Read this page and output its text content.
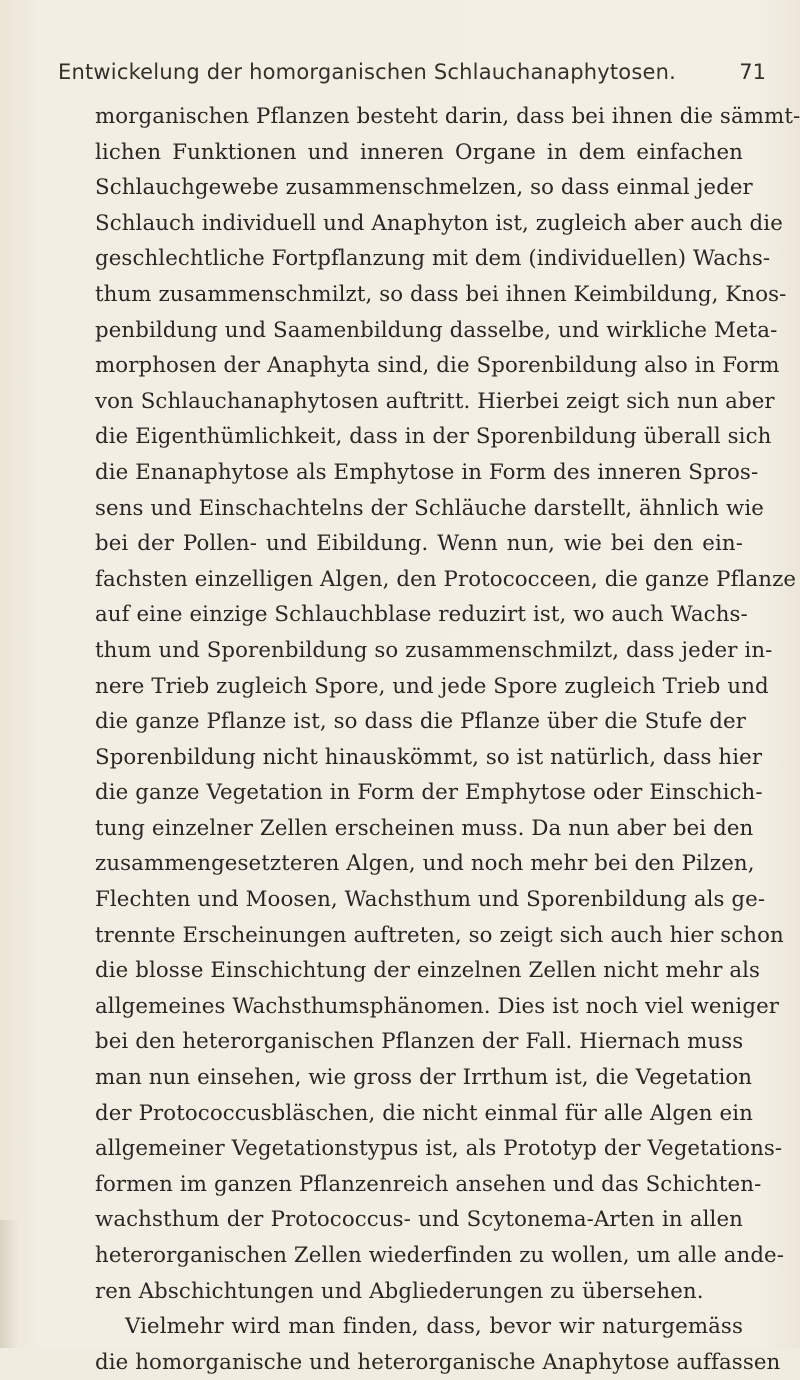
Entwickelung der homorganischen Schlauchanaphytosen.	71
morganischen Pflanzen besteht darin, dass bei ihnen die sämmt-
lichen Funktionen und inneren Organe in dem einfachen
Schlauchgewebe zusammenschmelzen, so dass einmal jeder
Schlauch individuell und Anaphyton ist, zugleich aber auch die
geschlechtliche Fortpflanzung mit dem (individuellen) Wachs-
thum zusammenschmilzt, so dass bei ihnen Keimbildung, Knos-
penbildung und Saamenbildung dasselbe, und wirkliche Meta-
morphosen der Anaphyta sind, die Sporenbildung also in Form
von Schlauchanaphytosen auftritt. Hierbei zeigt sich nun aber
die Eigenthümlichkeit, dass in der Sporenbildung überall sich
die Enanaphytose als Emphytose in Form des inneren Spros-
sens und Einschachtelns der Schläuche darstellt, ähnlich wie
bei der Pollen- und Eibildung. Wenn nun, wie bei den ein-
fachsten einzelligen Algen, den Protococceen, die ganze Pflanze
auf eine einzige Schlauchblase reduzirt ist, wo auch Wachs-
thum und Sporenbildung so zusammenschmilzt, dass jeder in-
nere Trieb zugleich Spore, und jede Spore zugleich Trieb und
die ganze Pflanze ist, so dass die Pflanze über die Stufe der
Sporenbildung nicht hinauskömmt, so ist natürlich, dass hier
die ganze Vegetation in Form der Emphytose oder Einschich-
tung einzelner Zellen erscheinen muss. Da nun aber bei den
zusammengesetzteren Algen, und noch mehr bei den Pilzen,
Flechten und Moosen, Wachsthum und Sporenbildung als ge-
trennte Erscheinungen auftreten, so zeigt sich auch hier schon
die blosse Einschichtung der einzelnen Zellen nicht mehr als
allgemeines Wachsthumsphänomen. Dies ist noch viel weniger
bei den heterorganischen Pflanzen der Fall. Hiernach muss
man nun einsehen, wie gross der Irrthum ist, die Vegetation
der Protococcusbläschen, die nicht einmal für alle Algen ein
allgemeiner Vegetationstypus ist, als Prototyp der Vegetations-
formen im ganzen Pflanzenreich ansehen und das Schichten-
wachsthum der Protococcus- und Scytonema-Arten in allen
heterorganischen Zellen wiederfinden zu wollen, um alle ande-
ren Abschichtungen und Abgliederungen zu übersehen.
Vielmehr wird man finden, dass, bevor wir naturgemäss
die homorganische und heterorganische Anaphytose auffassen
